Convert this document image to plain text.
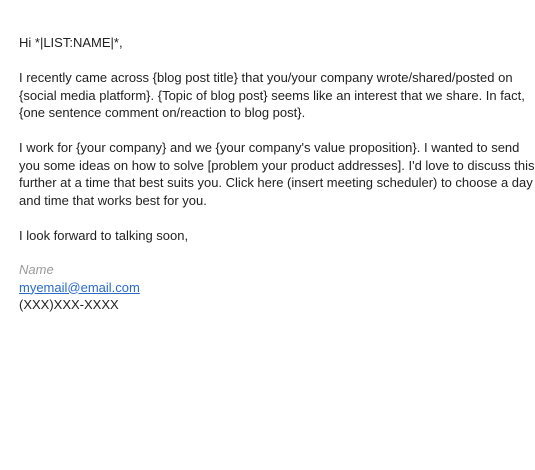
Hi *|LIST:NAME|*,

I recently came across {blog post title} that you/your company wrote/shared/posted on
{social media platform}. {Topic of blog post} seems like an interest that we share. In fact,
{one sentence comment on/reaction to blog post}.

I work for {your company} and we {your company's value proposition}. I wanted to send
you some ideas on how to solve [problem your product addresses]. I'd love to discuss this
further at a time that best suits you. Click here (insert meeting scheduler) to choose a day
and time that works best for you.

I look forward to talking soon,

Name
myemail@email.com
(XXX)XXX-XXXX
